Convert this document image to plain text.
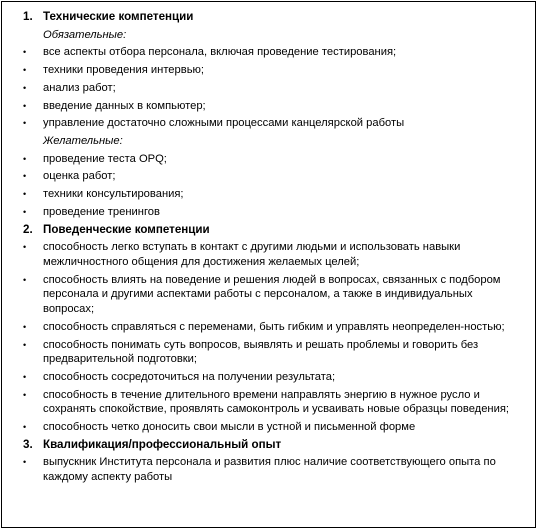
1. Технические компетенции
Обязательные:
•	все аспекты отбора персонала, включая проведение тестирования;
•	техники проведения интервью;
•	анализ работ;
•	введение данных в компьютер;
•	управление достаточно сложными процессами канцелярской работы
Желательные:
•	проведение теста OPQ;
•	оценка работ;
•	техники консультирования;
•	проведение тренингов
2. Поведенческие компетенции
•	способность легко вступать в контакт с другими людьми и использовать навыки межличностного общения для достижения желаемых целей;
•	способность влиять на поведение и решения людей в вопросах, связанных с подбором персонала и другими аспектами работы с персоналом, а также в индивидуальных вопросах;
•	способность справляться с переменами, быть гибким и управлять неопределен-ностью;
•	способность понимать суть вопросов, выявлять и решать проблемы и говорить без предварительной подготовки;
•	способность сосредоточиться на получении результата;
•	способность в течение длительного времени направлять энергию в нужное русло и сохранять спокойствие, проявлять самоконтроль и усваивать новые образцы поведения;
•	способность четко доносить свои мысли в устной и письменной форме
3. Квалификация/профессиональный опыт
•	выпускник Института персонала и развития плюс наличие соответствующего опыта по каждому аспекту работы
